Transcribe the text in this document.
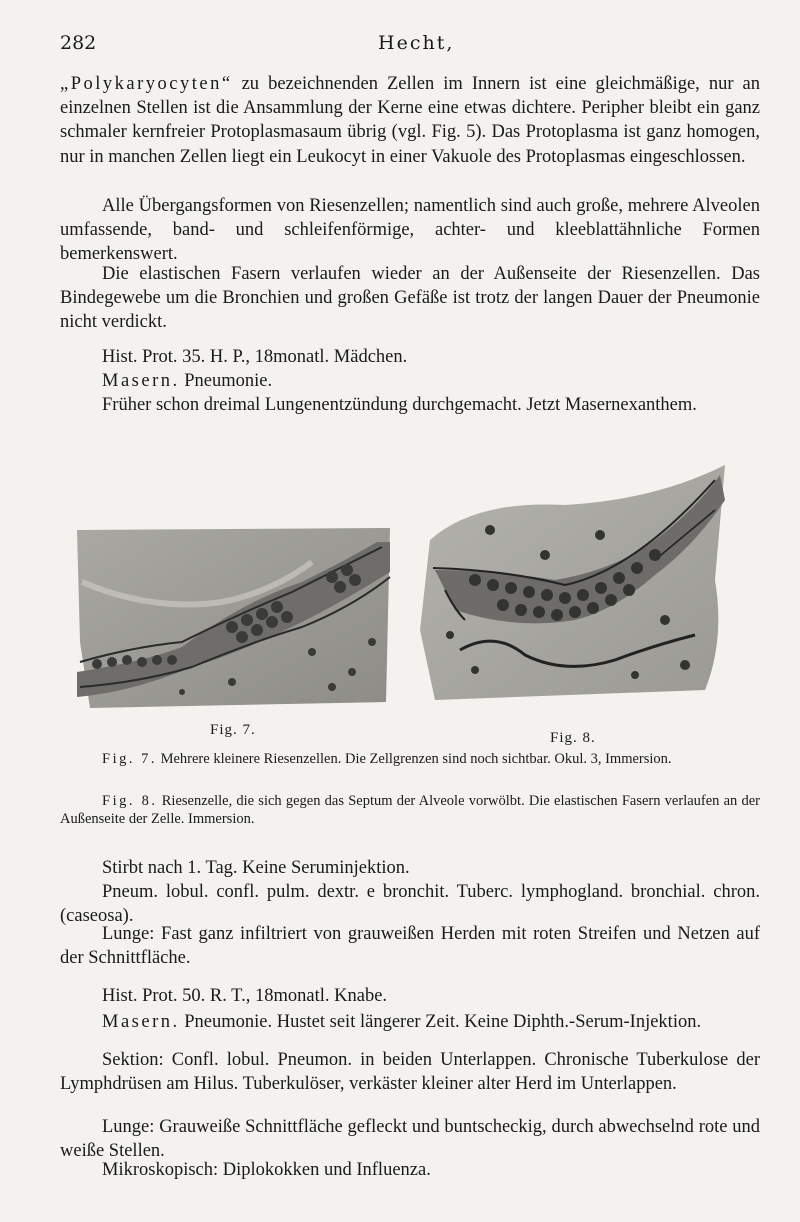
282	Hecht,
„Polykaryocyten“ zu bezeichnenden Zellen im Innern ist eine gleichmäßige, nur an einzelnen Stellen ist die Ansammlung der Kerne eine etwas dichtere. Peripher bleibt ein ganz schmaler kernfreier Protoplasmasaum übrig (vgl. Fig. 5). Das Protoplasma ist ganz homogen, nur in manchen Zellen liegt ein Leukocyt in einer Vakuole des Protoplasmas eingeschlossen.
Alle Übergangsformen von Riesenzellen; namentlich sind auch große, mehrere Alveolen umfassende, band- und schleifenförmige, achter- und kleeblattähnliche Formen bemerkenswert.
Die elastischen Fasern verlaufen wieder an der Außenseite der Riesenzellen. Das Bindegewebe um die Bronchien und großen Gefäße ist trotz der langen Dauer der Pneumonie nicht verdickt.
Hist. Prot. 35. H. P., 18monatl. Mädchen.
Masern. Pneumonie.
Früher schon dreimal Lungenentzündung durchgemacht. Jetzt Masernexanthem.
Fig. 7.	Fig. 8.
Fig. 7. Mehrere kleinere Riesenzellen. Die Zellgrenzen sind noch sichtbar. Okul. 3, Immersion.
Fig. 8. Riesenzelle, die sich gegen das Septum der Alveole vorwölbt. Die elastischen Fasern verlaufen an der Außenseite der Zelle. Immersion.
Stirbt nach 1. Tag. Keine Seruminjektion.
Pneum. lobul. confl. pulm. dextr. e bronchit. Tuberc. lymphogland. bronchial. chron. (caseosa).
Lunge: Fast ganz infiltriert von grauweißen Herden mit roten Streifen und Netzen auf der Schnittfläche.
Hist. Prot. 50. R. T., 18monatl. Knabe.
Masern. Pneumonie. Hustet seit längerer Zeit. Keine Diphth.-Serum-Injektion.
Sektion: Confl. lobul. Pneumon. in beiden Unterlappen. Chronische Tuberkulose der Lymphdrüsen am Hilus. Tuberkulöser, verkäster kleiner alter Herd im Unterlappen.
Lunge: Grauweiße Schnittfläche gefleckt und buntscheckig, durch abwechselnd rote und weiße Stellen.
Mikroskopisch: Diplokokken und Influenza.
